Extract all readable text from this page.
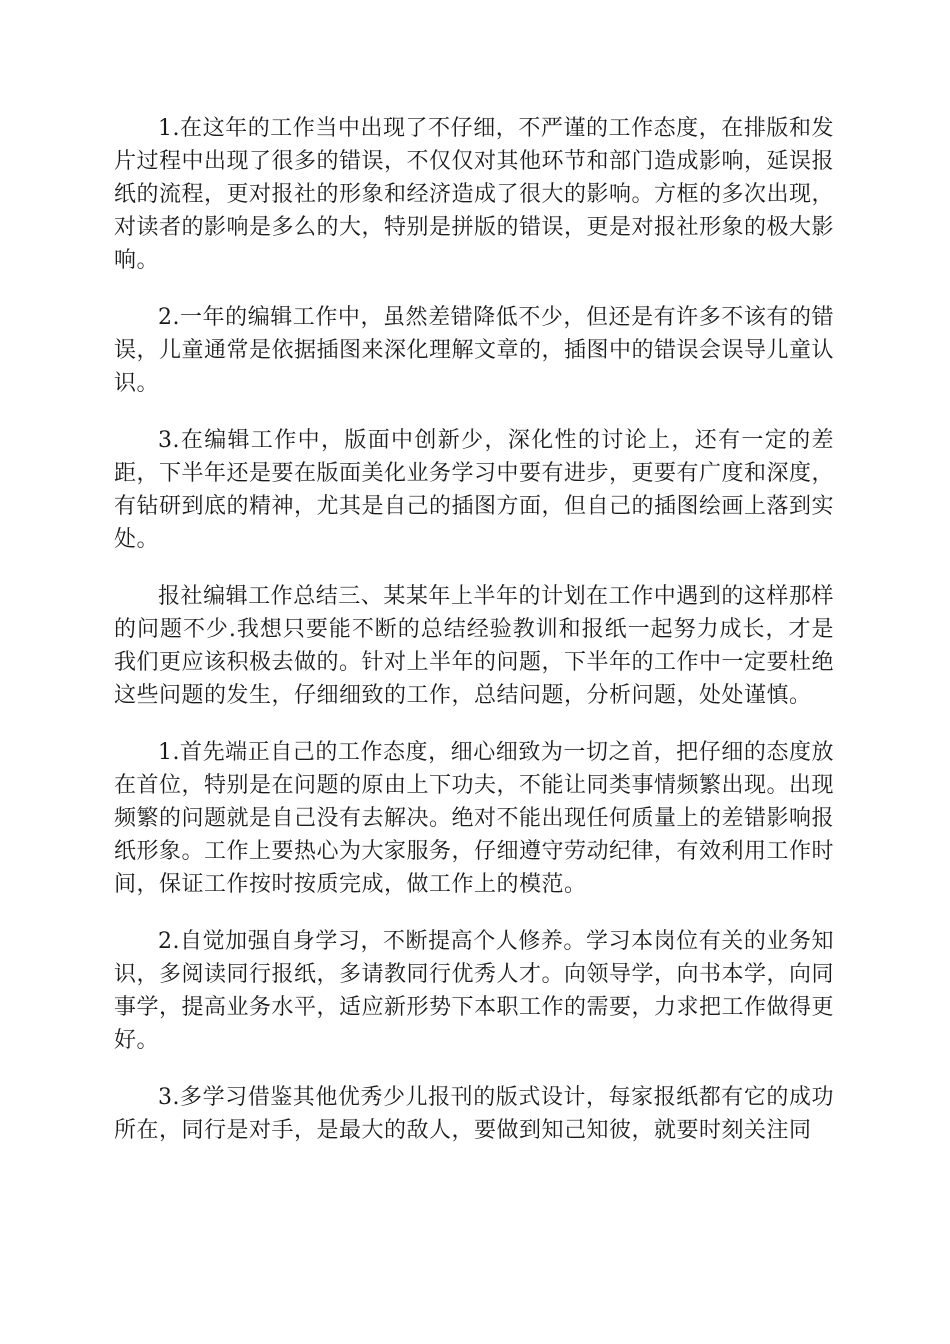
1.在这年的工作当中出现了不仔细，不严谨的工作态度，在排版和发片过程中出现了很多的错误，不仅仅对其他环节和部门造成影响，延误报纸的流程，更对报社的形象和经济造成了很大的影响。方框的多次出现，对读者的影响是多么的大，特别是拼版的错误，更是对报社形象的极大影响。

2.一年的编辑工作中，虽然差错降低不少，但还是有许多不该有的错误，儿童通常是依据插图来深化理解文章的，插图中的错误会误导儿童认识。

3.在编辑工作中，版面中创新少，深化性的讨论上，还有一定的差距，下半年还是要在版面美化业务学习中要有进步，更要有广度和深度，有钻研到底的精神，尤其是自己的插图方面，但自己的插图绘画上落到实处。

报社编辑工作总结三、某某年上半年的计划在工作中遇到的这样那样的问题不少.我想只要能不断的总结经验教训和报纸一起努力成长，才是我们更应该积极去做的。针对上半年的问题，下半年的工作中一定要杜绝这些问题的发生，仔细细致的工作，总结问题，分析问题，处处谨慎。

1.首先端正自己的工作态度，细心细致为一切之首，把仔细的态度放在首位，特别是在问题的原由上下功夫，不能让同类事情频繁出现。出现频繁的问题就是自己没有去解决。绝对不能出现任何质量上的差错影响报纸形象。工作上要热心为大家服务，仔细遵守劳动纪律，有效利用工作时间，保证工作按时按质完成，做工作上的模范。

2.自觉加强自身学习，不断提高个人修养。学习本岗位有关的业务知识，多阅读同行报纸，多请教同行优秀人才。向领导学，向书本学，向同事学，提高业务水平，适应新形势下本职工作的需要，力求把工作做得更好。

3.多学习借鉴其他优秀少儿报刊的版式设计，每家报纸都有它的成功所在，同行是对手，是最大的敌人，要做到知己知彼，就要时刻关注同
